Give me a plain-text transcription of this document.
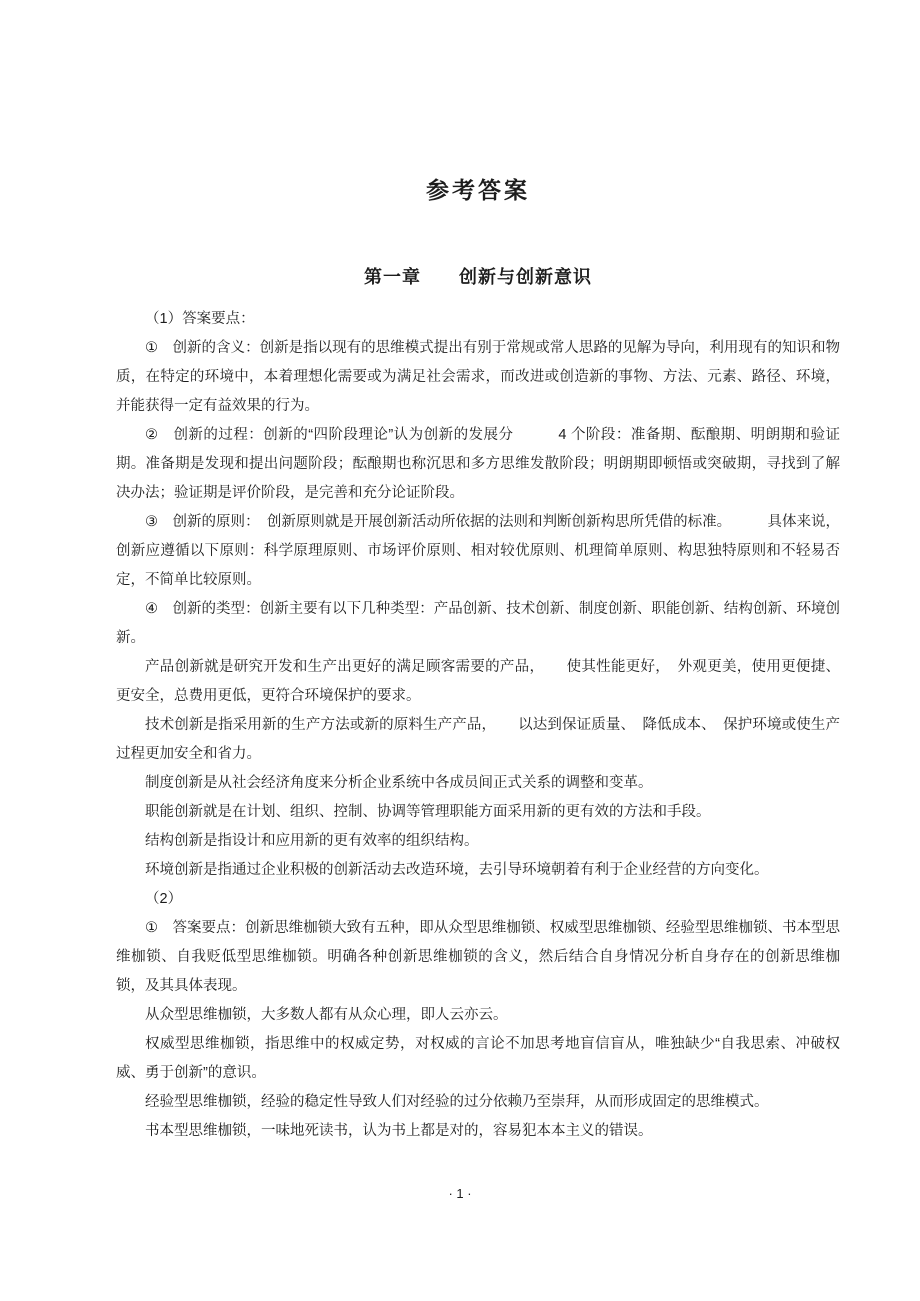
参考答案
第一章　　创新与创新意识

（1）答案要点：

①　创新的含义：创新是指以现有的思维模式提出有别于常规或常人思路的见解为导向，利用现有的知识和物质，在特定的环境中，本着理想化需要或为满足社会需求，而改进或创造新的事物、方法、元素、路径、环境，并能获得一定有益效果的行为。

②　创新的过程：创新的“四阶段理论”认为创新的发展分　　　4 个阶段：准备期、酝酿期、明朗期和验证期。准备期是发现和提出问题阶段；酝酿期也称沉思和多方思维发散阶段；明朗期即顿悟或突破期，寻找到了解决办法；验证期是评价阶段，是完善和充分论证阶段。

③　创新的原则：　创新原则就是开展创新活动所依据的法则和判断创新构思所凭借的标准。　　　具体来说，创新应遵循以下原则：科学原理原则、市场评价原则、相对较优原则、机理简单原则、构思独特原则和不轻易否定，不简单比较原则。

④　创新的类型：创新主要有以下几种类型：产品创新、技术创新、制度创新、职能创新、结构创新、环境创新。

产品创新就是研究开发和生产出更好的满足顾客需要的产品，　　使其性能更好，　外观更美，使用更便捷、更安全，总费用更低，更符合环境保护的要求。

技术创新是指采用新的生产方法或新的原料生产产品，　　以达到保证质量、　降低成本、　保护环境或使生产过程更加安全和省力。

制度创新是从社会经济角度来分析企业系统中各成员间正式关系的调整和变革。

职能创新就是在计划、组织、控制、协调等管理职能方面采用新的更有效的方法和手段。

结构创新是指设计和应用新的更有效率的组织结构。

环境创新是指通过企业积极的创新活动去改造环境，去引导环境朝着有利于企业经营的方向变化。

（2）

①　答案要点：创新思维枷锁大致有五种，即从众型思维枷锁、权威型思维枷锁、经验型思维枷锁、书本型思维枷锁、自我贬低型思维枷锁。明确各种创新思维枷锁的含义，然后结合自身情况分析自身存在的创新思维枷锁，及其具体表现。

从众型思维枷锁，大多数人都有从众心理，即人云亦云。

权威型思维枷锁，指思维中的权威定势，对权威的言论不加思考地盲信盲从，唯独缺少“自我思索、冲破权威、勇于创新”的意识。

经验型思维枷锁，经验的稳定性导致人们对经验的过分依赖乃至崇拜，从而形成固定的思维模式。

书本型思维枷锁，一味地死读书，认为书上都是对的，容易犯本本主义的错误。

· 1 ·
